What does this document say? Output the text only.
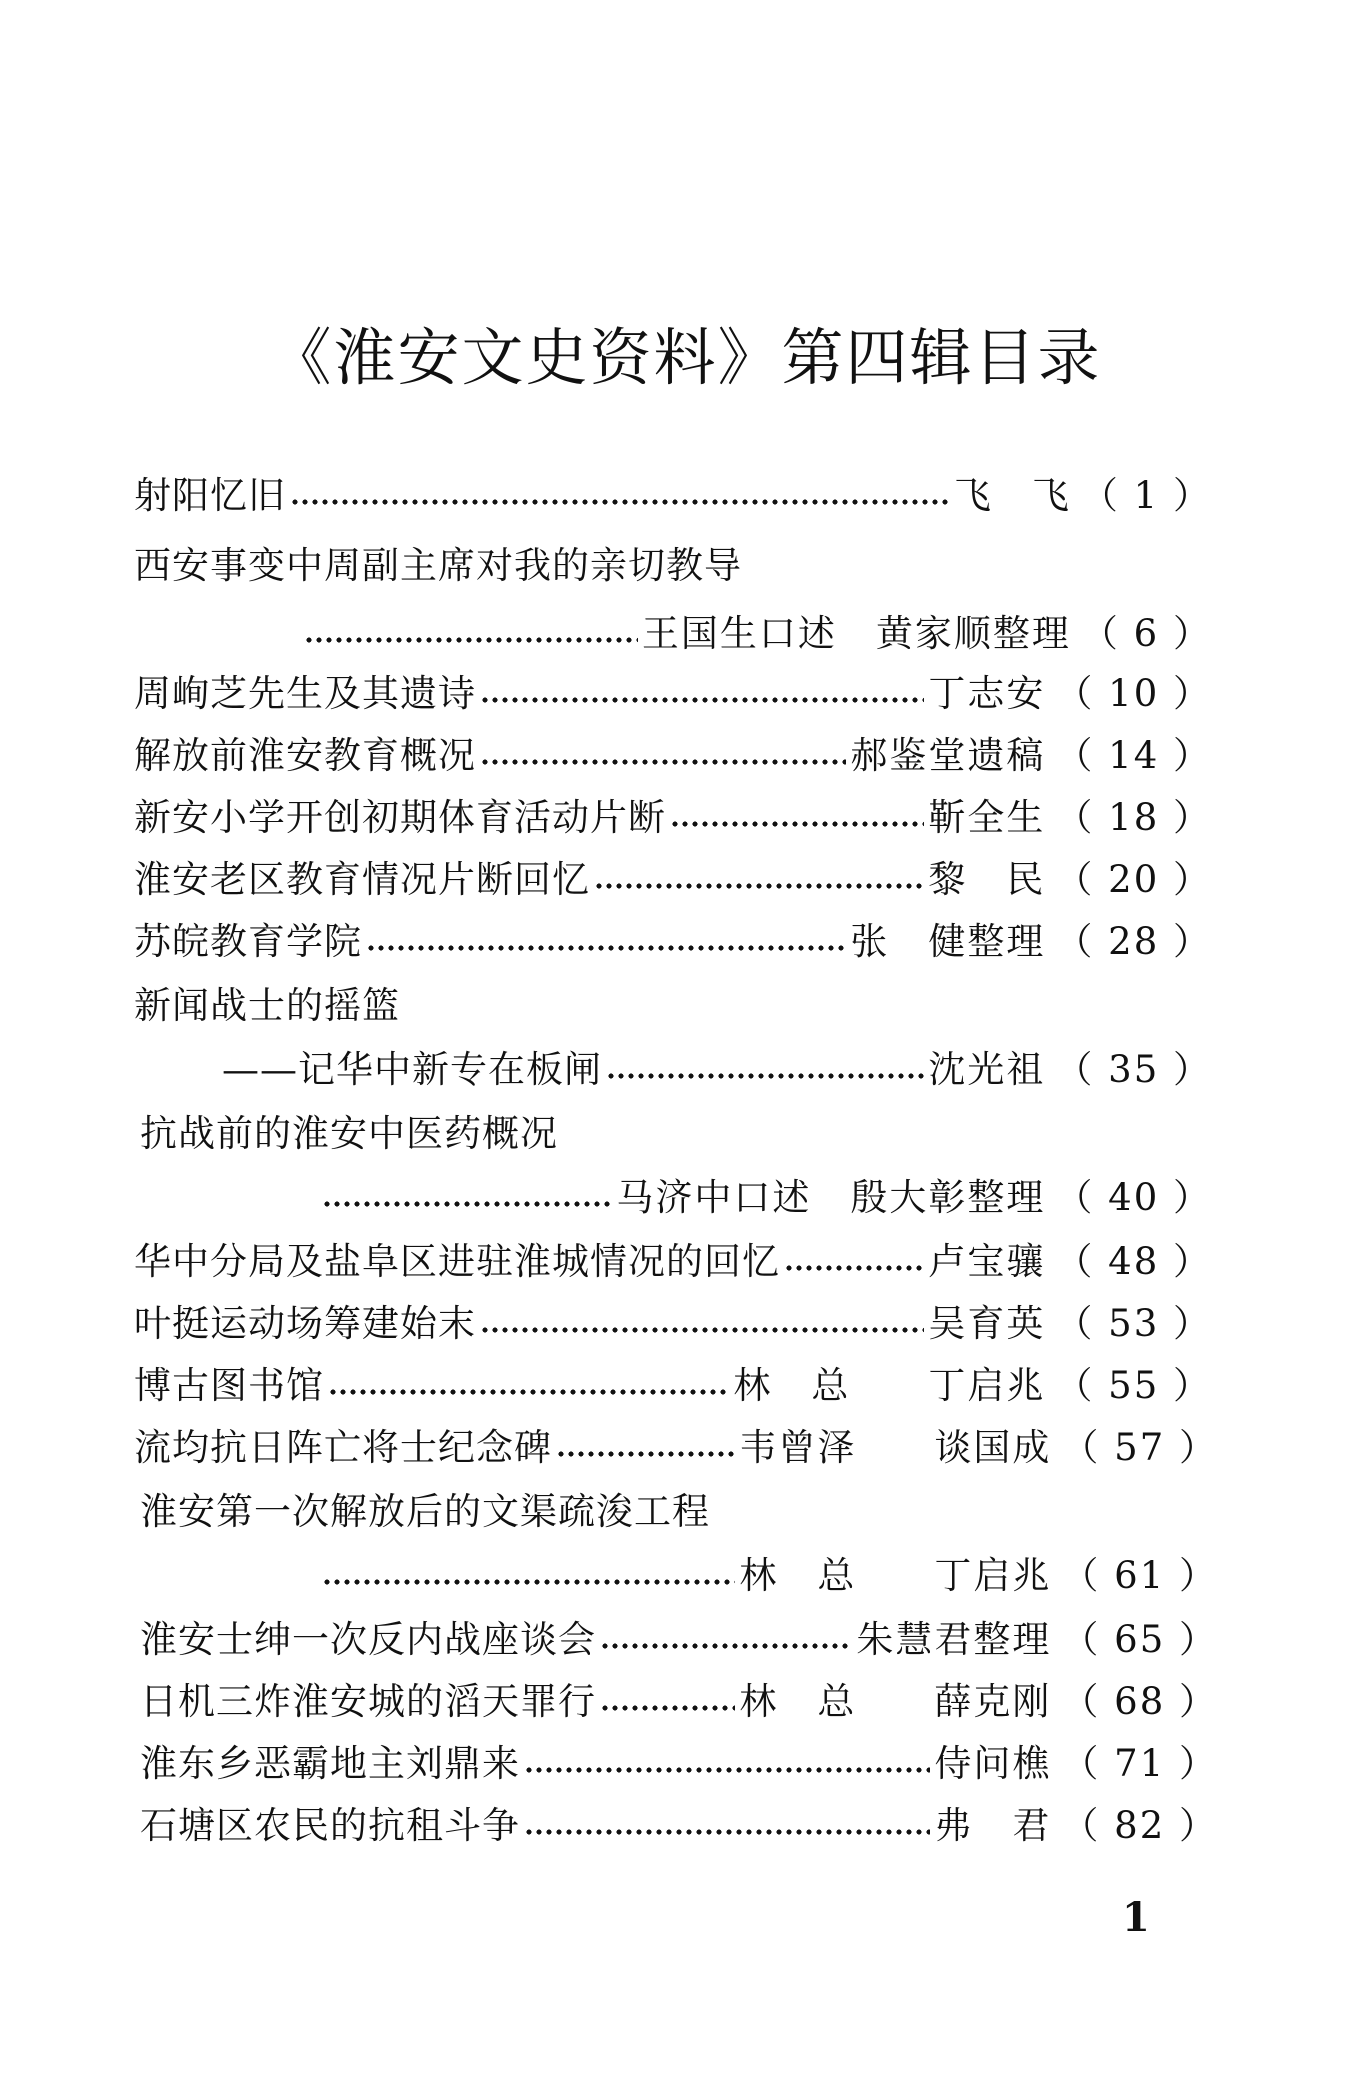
《淮安文史资料》第四辑目录
射阳忆旧	飞　飞 （ 1 ）
西安事变中周副主席对我的亲切教导
王国生口述　黄家顺整理 （ 6 ）
周峋芝先生及其遗诗	丁志安 （ 10 ）
解放前淮安教育概况	郝鉴堂遗稿 （ 14 ）
新安小学开创初期体育活动片断	靳全生 （ 18 ）
淮安老区教育情况片断回忆	黎　民 （ 20 ）
苏皖教育学院	张　健整理 （ 28 ）
新闻战士的摇篮
——记华中新专在板闸	沈光祖 （ 35 ）
抗战前的淮安中医药概况
马济中口述　殷大彰整理 （ 40 ）
华中分局及盐阜区进驻淮城情况的回忆	卢宝骧 （ 48 ）
叶挺运动场筹建始末	吴育英 （ 53 ）
博古图书馆	林　总　　丁启兆 （ 55 ）
流均抗日阵亡将士纪念碑	韦曾泽　　谈国成 （ 57 ）
淮安第一次解放后的文渠疏浚工程
林　总　　丁启兆 （ 61 ）
淮安士绅一次反内战座谈会	朱慧君整理 （ 65 ）
日机三炸淮安城的滔天罪行	林　总　　薛克刚 （ 68 ）
淮东乡恶霸地主刘鼎来	侍问樵 （ 71 ）
石塘区农民的抗租斗争	弗　君 （ 82 ）
1
